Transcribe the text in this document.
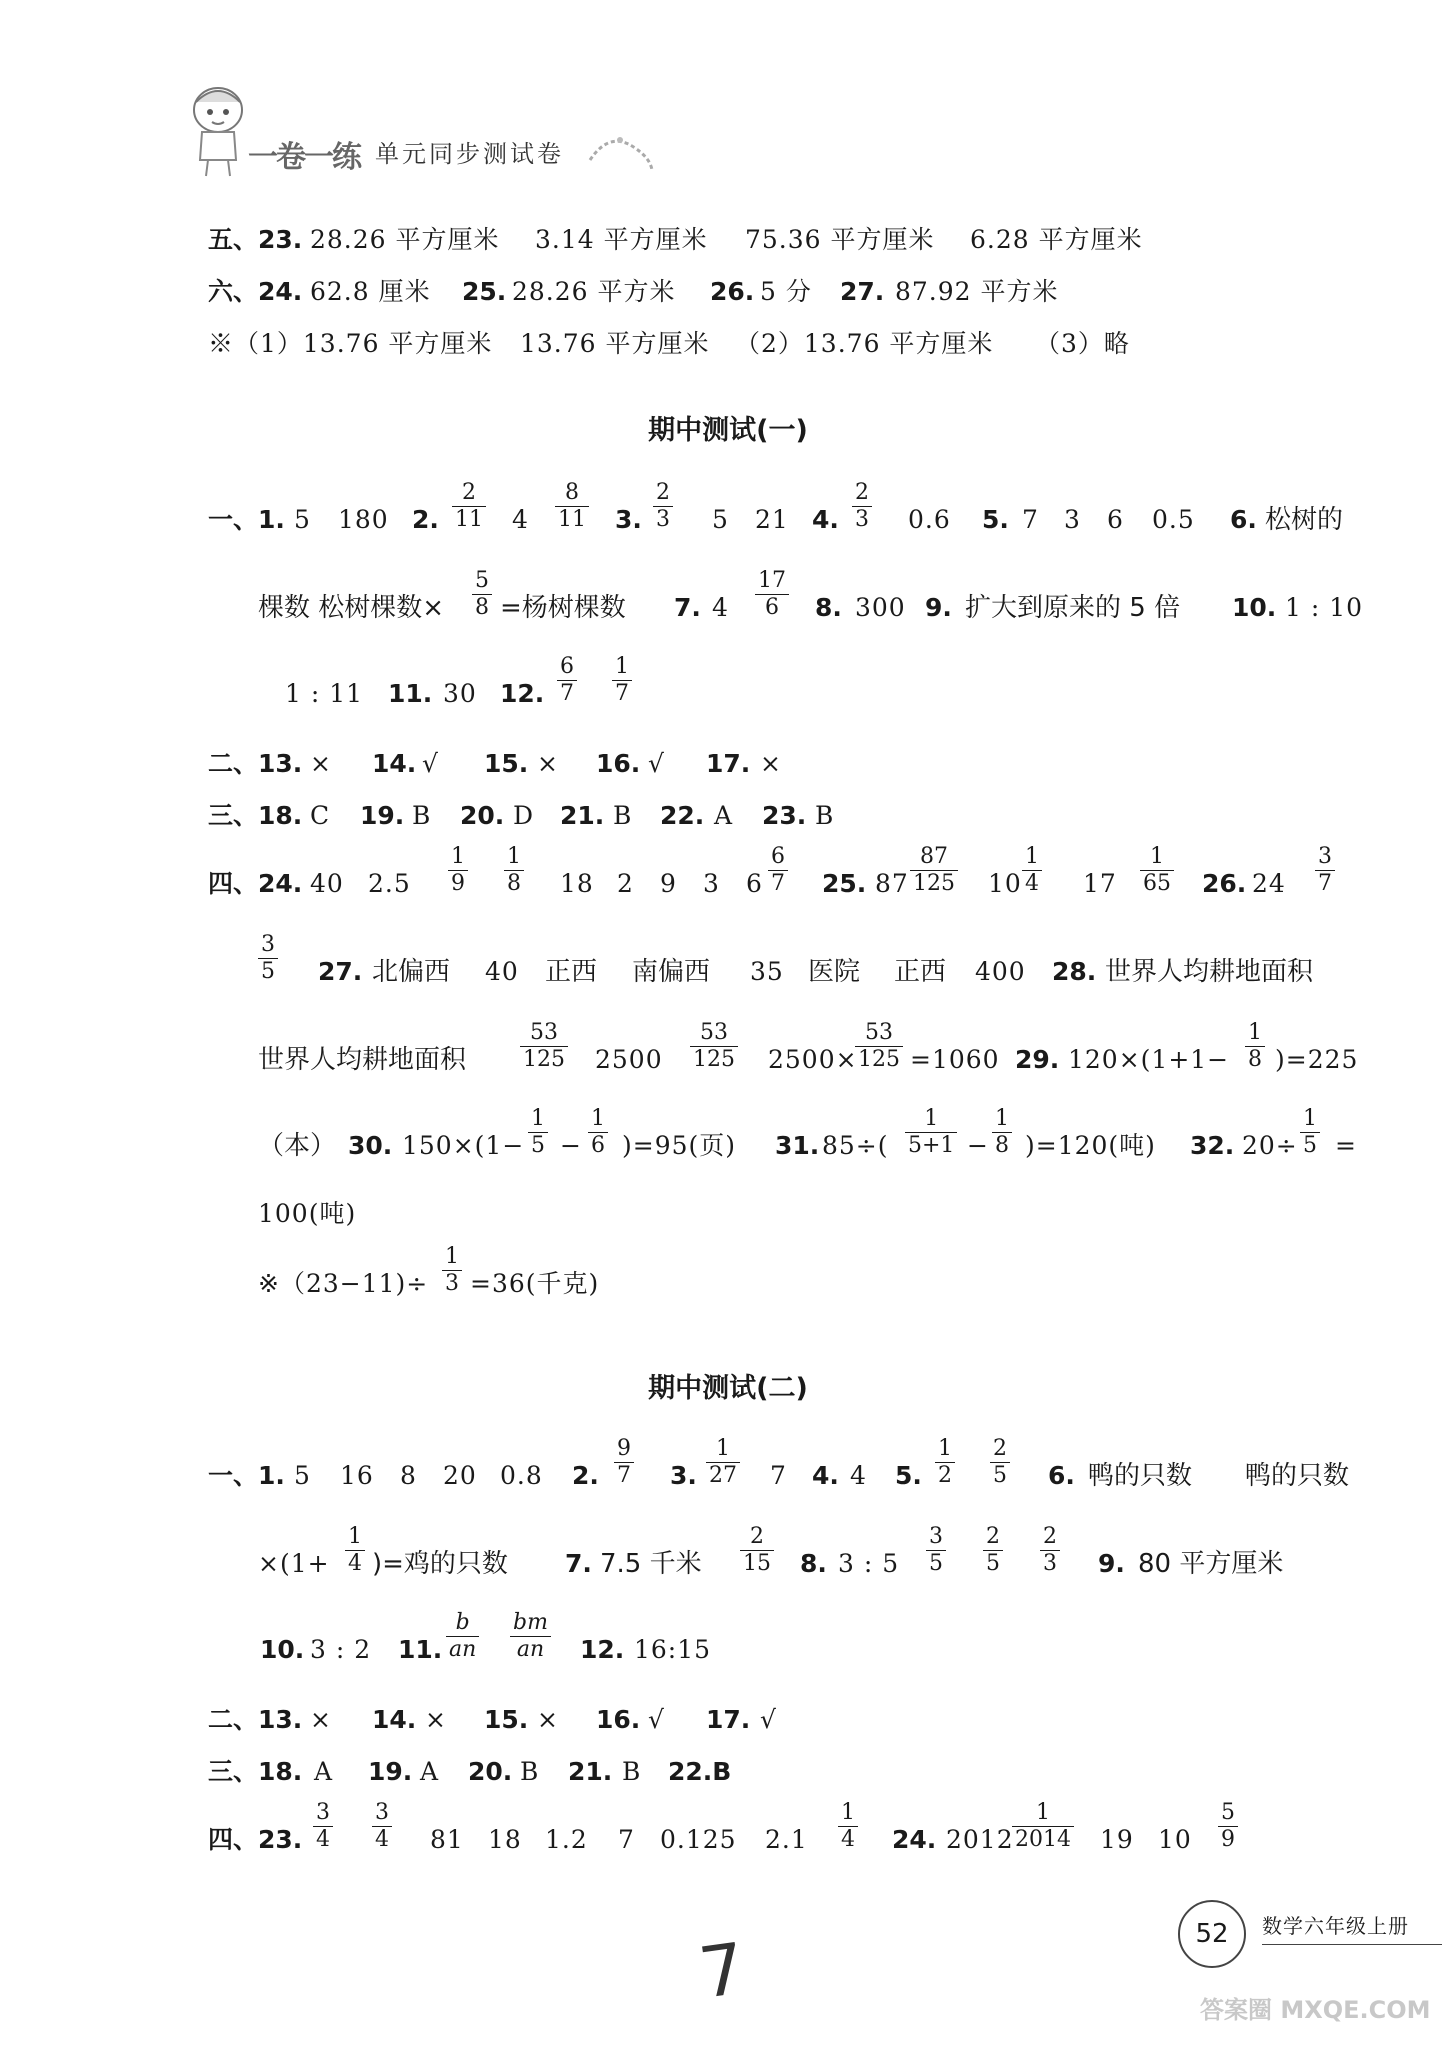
一卷一练 单元同步测试卷
五、23. 28.26 平方厘米 3.14 平方厘米 75.36 平方厘米 6.28 平方厘米
六、24. 62.8 厘米 25. 28.26 平方米 26. 5 分 27. 87.92 平方米
※（1）13.76 平方厘米 13.76 平方厘米 （2）13.76 平方厘米 （3）略
期中测试(一)
一、1. 5 180 2. $\frac{2}{11} 4 \frac{8}{11} 3$. $\frac{2}{3} 5$ 21 4. $\frac{2}{3} 0.6$ 5. 7 3 6 0.5 6. 松树的
棵数 松树棵数× $\frac{5}{8}$ =杨树棵数 7. $4 \frac{17}{6} 8$. 300 9. 扩大到原来的 5 倍 10. 1 : 10
1 : 11 11. 30 12. $\frac{6}{7} \frac{1}{7}$
二、13. × 14. √ 15. × 16. √ 17. ×
三、18. C 19. B 20. D 21. B 22. A 23. B
四、24. 40 $2.5 \frac{1}{9} \frac{1}{8} 18$ 2 9 3 $6 \frac{6}{7} 25$. $87 \frac{87}{125} 10 \frac{1}{4} 17 \frac{1}{65} 26$. $24 \frac{3}{7}$
$\frac{3}{5} 27$. 北偏西 40 正西 南偏西 35 医院 正西 400 28. 世界人均耕地面积
世界人均耕地面积 $\frac{53}{125} 2500 \frac{53}{125} 2500\times$
$\frac{53}{125} =1060$ 29. $120\times(1+1- \frac{1}{8} )=225$
（本） 30. $150\times(1- \frac{1}{5} - \frac{1}{6} )=95$(页) 31. $85\div( \frac{1}{5+1} - \frac{1}{8} )=120$(吨) 32. $20\div \frac{1}{5}$ =
100(吨)
※（23−11)÷ $\frac{1}{3} =36$(千克)
期中测试(二)
一、1. 5 16 8 20 0.8 2. $\frac{9}{7} 3$. $\frac{1}{27} 7$ 4. 4 5. $\frac{1}{2} \frac{2}{5} 6$. 鸭的只数 鸭的只数
$\times(1+ \frac{1}{4}$ )=鸡的只数 7. 7.5 千米 $\frac{2}{15} 8$. 3 : $5 \frac{3}{5} \frac{2}{5} \frac{2}{3} 9$. 80 平方厘米
10. 3 : 2 11. $\frac{b}{an} \frac{bm}{an} 12$. 16:15
二、13. × 14. × 15. × 16. √ 17. √
三、18. A 19. A 20. B 21. B 22.B
四、23. $\frac{3}{4} \frac{3}{4} 81$ 18 1.2 7 0.125 $2.1 \frac{1}{4} 24$. 2012
$\frac{1}{2014} 19$ $10 \frac{5}{9}$
7	52	数学六年级上册
答案圈 MXQE.COM
